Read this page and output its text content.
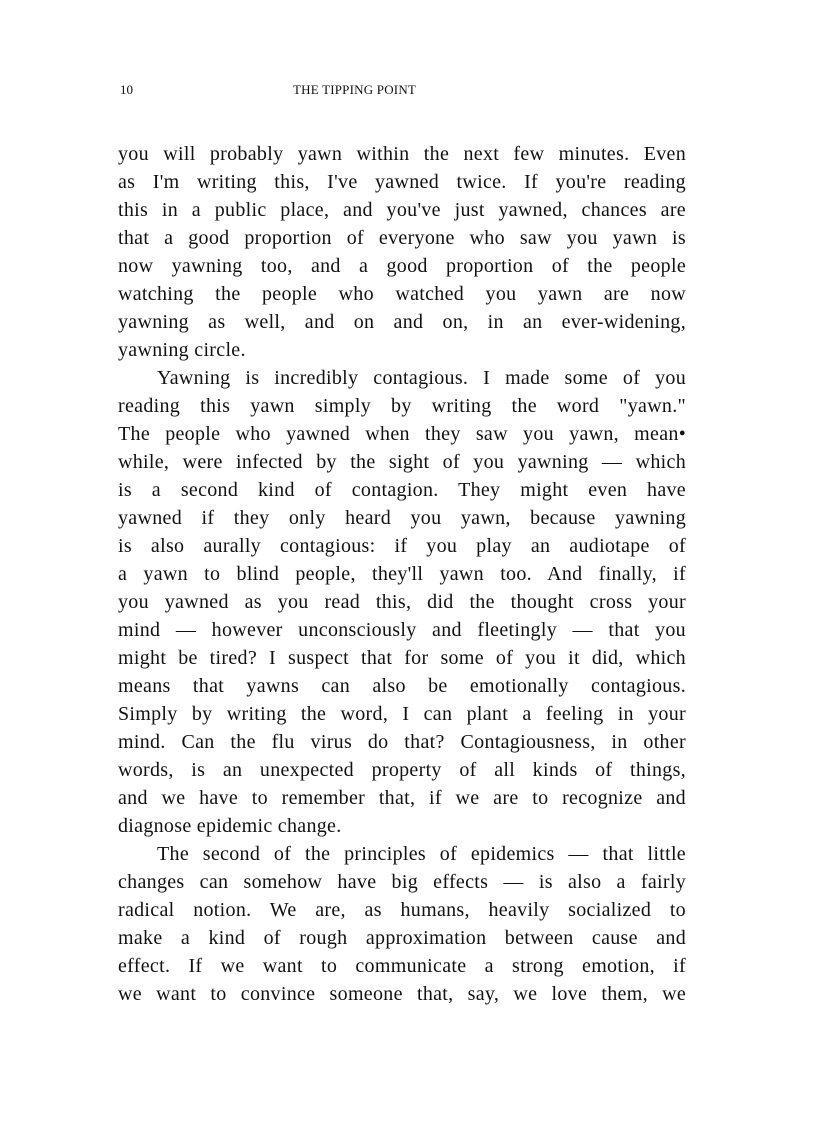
10	THE TIPPING POINT
you will probably yawn within the next few minutes. Even
as I'm writing this, I've yawned twice. If you're reading
this in a public place, and you've just yawned, chances are
that a good proportion of everyone who saw you yawn is
now yawning too, and a good proportion of the people
watching the people who watched you yawn are now
yawning as well, and on and on, in an ever-widening,
yawning circle.
Yawning is incredibly contagious. I made some of you
reading this yawn simply by writing the word "yawn."
The people who yawned when they saw you yawn, mean•
while, were infected by the sight of you yawning — which
is a second kind of contagion. They might even have
yawned if they only heard you yawn, because yawning
is also aurally contagious: if you play an audiotape of
a yawn to blind people, they'll yawn too. And finally, if
you yawned as you read this, did the thought cross your
mind — however unconsciously and fleetingly — that you
might be tired? I suspect that for some of you it did, which
means that yawns can also be emotionally contagious.
Simply by writing the word, I can plant a feeling in your
mind. Can the flu virus do that? Contagiousness, in other
words, is an unexpected property of all kinds of things,
and we have to remember that, if we are to recognize and
diagnose epidemic change.
The second of the principles of epidemics — that little
changes can somehow have big effects — is also a fairly
radical notion. We are, as humans, heavily socialized to
make a kind of rough approximation between cause and
effect. If we want to communicate a strong emotion, if
we want to convince someone that, say, we love them, we
